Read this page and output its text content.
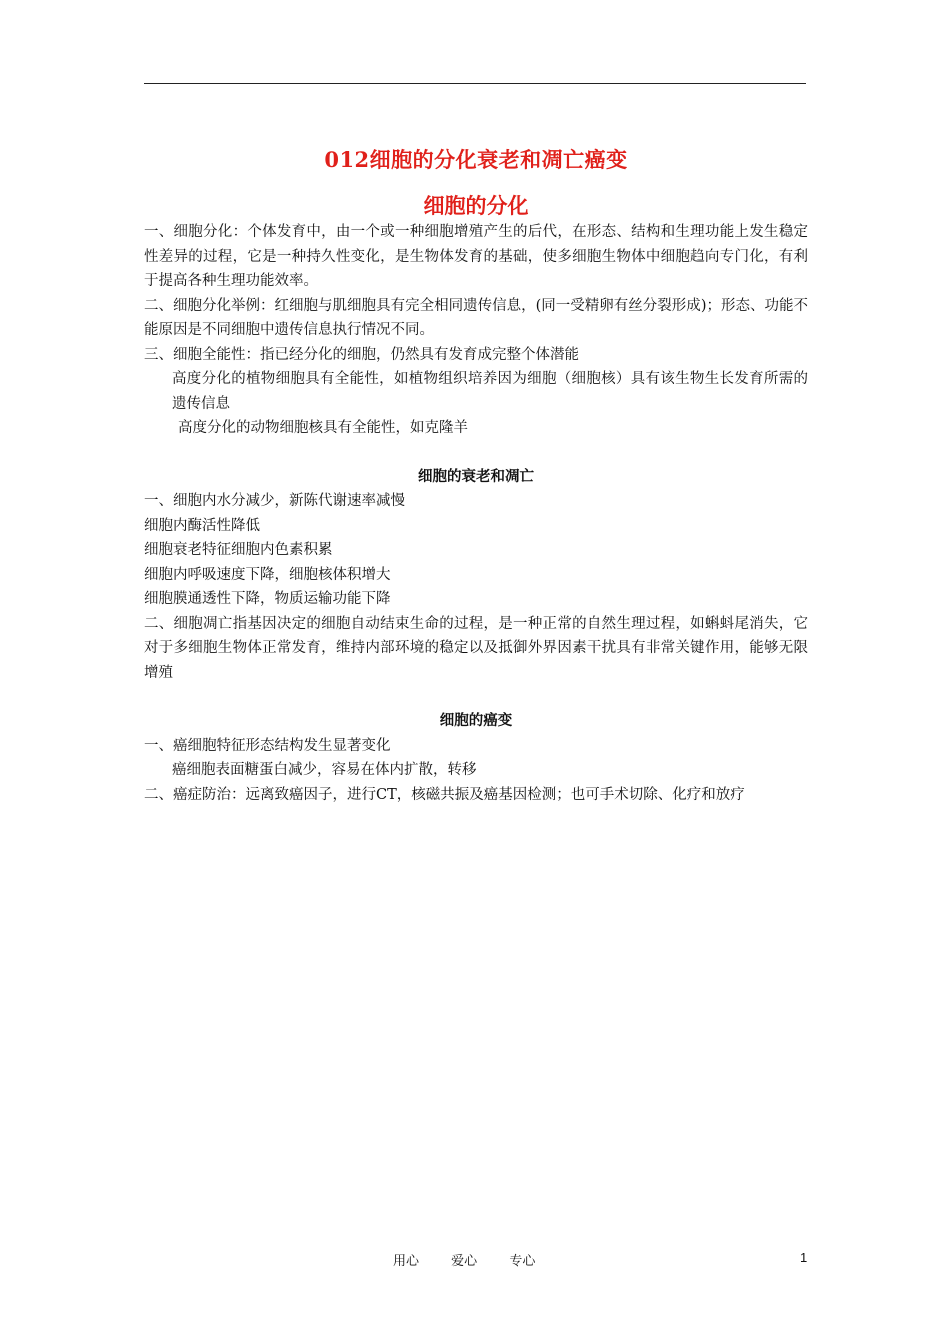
012细胞的分化衰老和凋亡癌变
细胞的分化

一、细胞分化：个体发育中，由一个或一种细胞增殖产生的后代，在形态、结构和生理功能上发生稳定性差异的过程，它是一种持久性变化，是生物体发育的基础，使多细胞生物体中细胞趋向专门化，有利于提高各种生理功能效率。

二、细胞分化举例：红细胞与肌细胞具有完全相同遗传信息，(同一受精卵有丝分裂形成)；形态、功能不能原因是不同细胞中遗传信息执行情况不同。

三、细胞全能性：指已经分化的细胞，仍然具有发育成完整个体潜能

高度分化的植物细胞具有全能性，如植物组织培养因为细胞（细胞核）具有该生物生长发育所需的遗传信息

高度分化的动物细胞核具有全能性，如克隆羊

细胞的衰老和凋亡

一、细胞内水分减少，新陈代谢速率减慢

细胞内酶活性降低

细胞衰老特征细胞内色素积累

细胞内呼吸速度下降，细胞核体积增大

细胞膜通透性下降，物质运输功能下降

二、细胞凋亡指基因决定的细胞自动结束生命的过程，是一种正常的自然生理过程，如蝌蚪尾消失，它对于多细胞生物体正常发育，维持内部环境的稳定以及抵御外界因素干扰具有非常关键作用，能够无限增殖

细胞的癌变

一、癌细胞特征形态结构发生显著变化

癌细胞表面糖蛋白减少，容易在体内扩散，转移

二、癌症防治：远离致癌因子，进行CT，核磁共振及癌基因检测；也可手术切除、化疗和放疗

用心 爱心 专心	1
